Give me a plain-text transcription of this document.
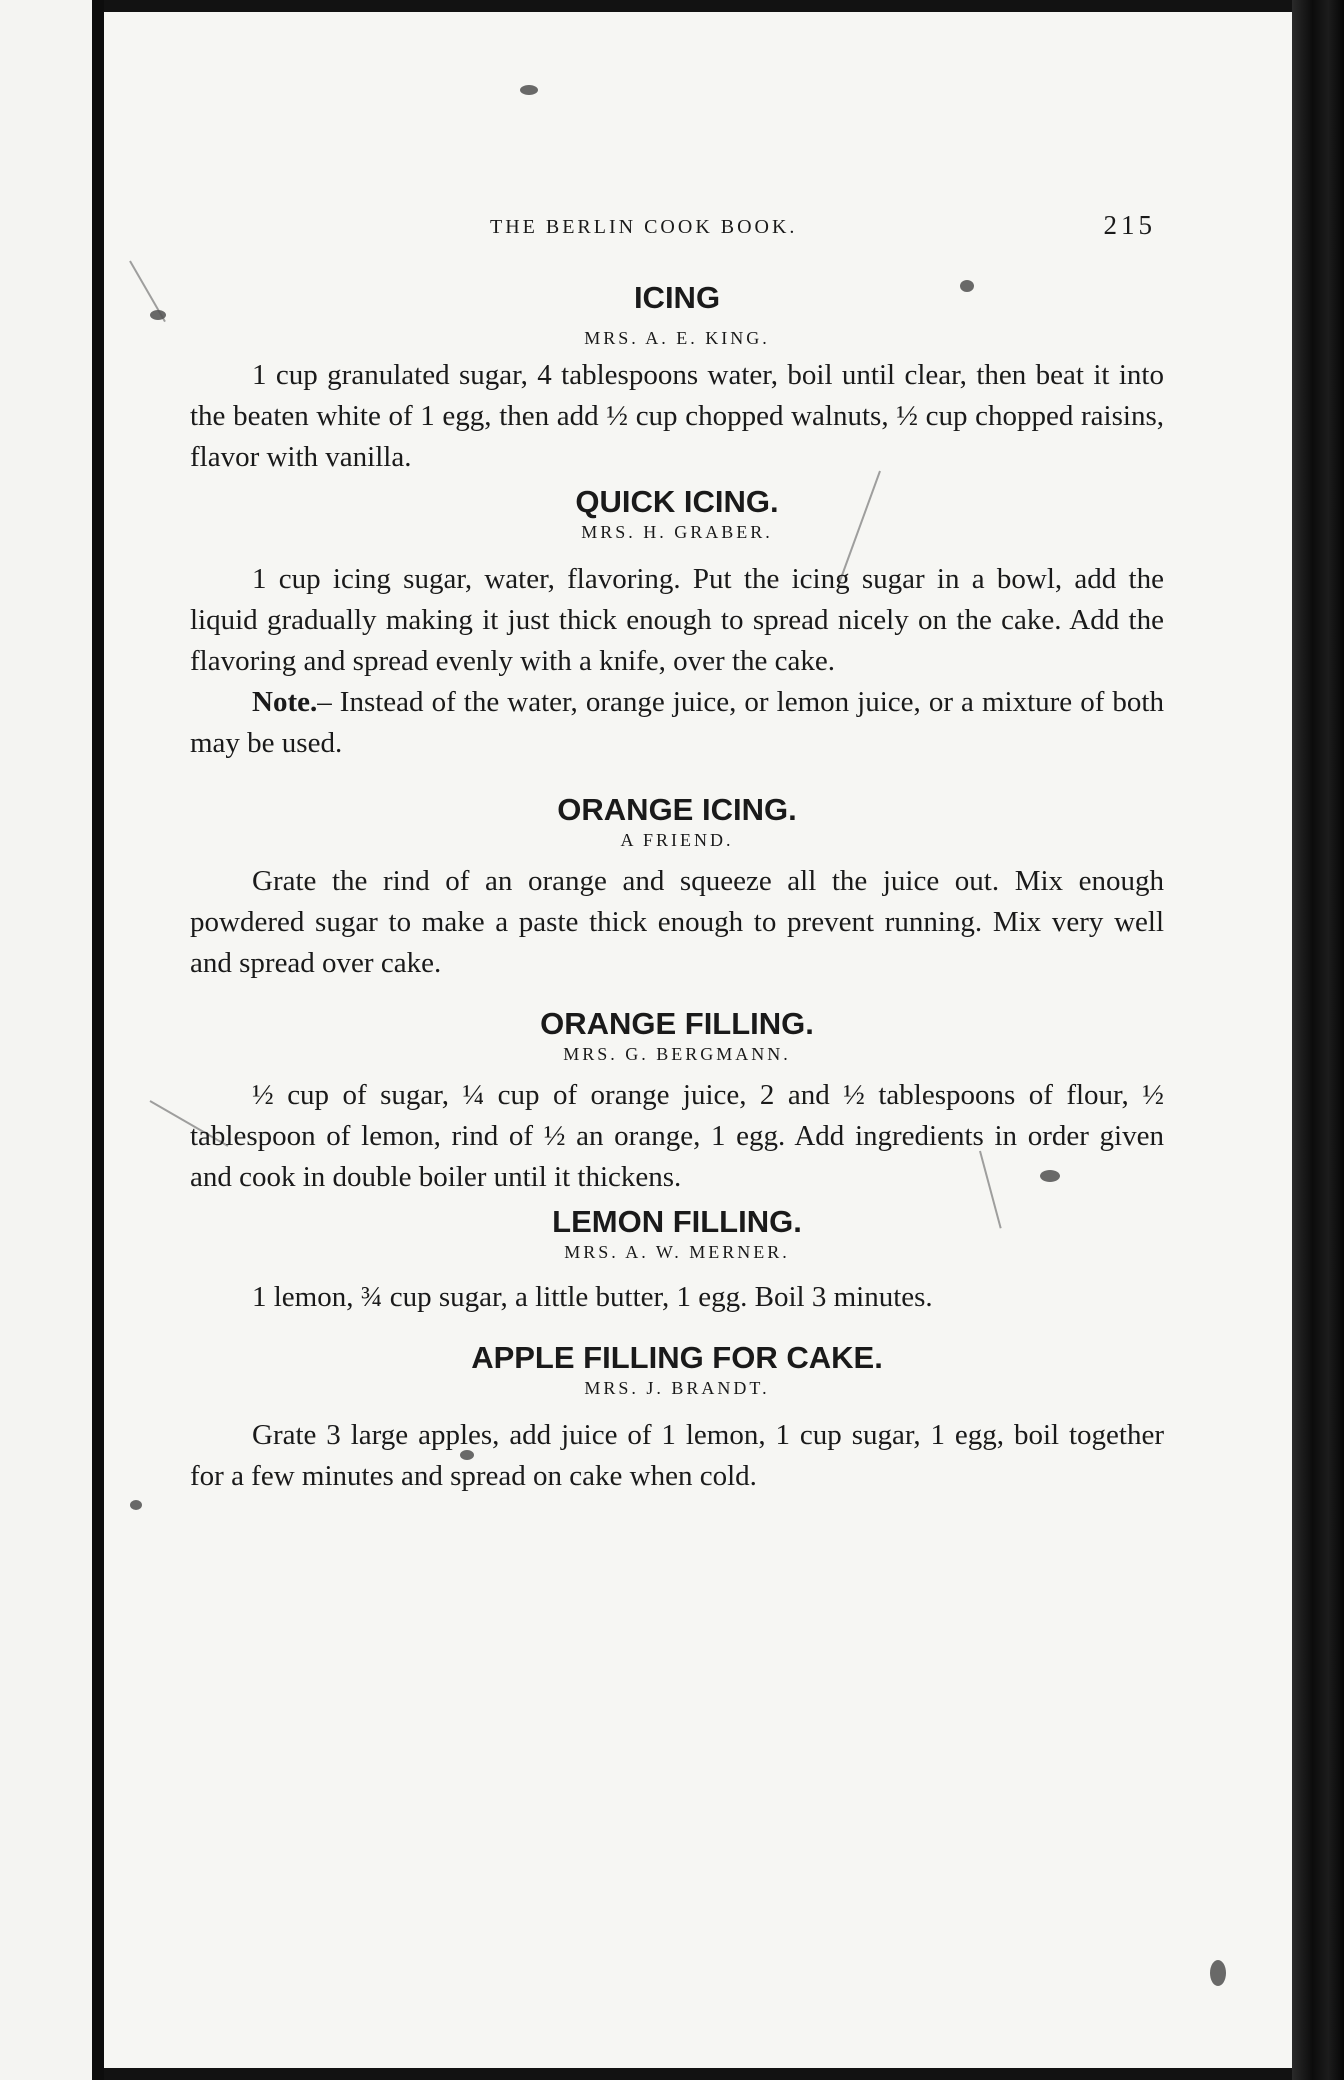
THE BERLIN COOK BOOK.	215
ICING
MRS. A. E. KING.

1 cup granulated sugar, 4 tablespoons water, boil until clear, then beat it into the beaten white of 1 egg, then add ½ cup chopped walnuts, ½ cup chopped raisins, flavor with vanilla.

QUICK ICING.
MRS. H. GRABER.

1 cup icing sugar, water, flavoring. Put the icing sugar in a bowl, add the liquid gradually making it just thick enough to spread nicely on the cake. Add the flavoring and spread evenly with a knife, over the cake.

Note.– Instead of the water, orange juice, or lemon juice, or a mixture of both may be used.

ORANGE ICING.
A FRIEND.

Grate the rind of an orange and squeeze all the juice out. Mix enough powdered sugar to make a paste thick enough to prevent running. Mix very well and spread over cake.

ORANGE FILLING.
MRS. G. BERGMANN.

½ cup of sugar, ¼ cup of orange juice, 2 and ½ tablespoons of flour, ½ tablespoon of lemon, rind of ½ an orange, 1 egg. Add ingredients in order given and cook in double boiler until it thickens.

LEMON FILLING.
MRS. A. W. MERNER.

1 lemon, ¾ cup sugar, a little butter, 1 egg. Boil 3 minutes.

APPLE FILLING FOR CAKE.
MRS. J. BRANDT.

Grate 3 large apples, add juice of 1 lemon, 1 cup sugar, 1 egg, boil together for a few minutes and spread on cake when cold.
